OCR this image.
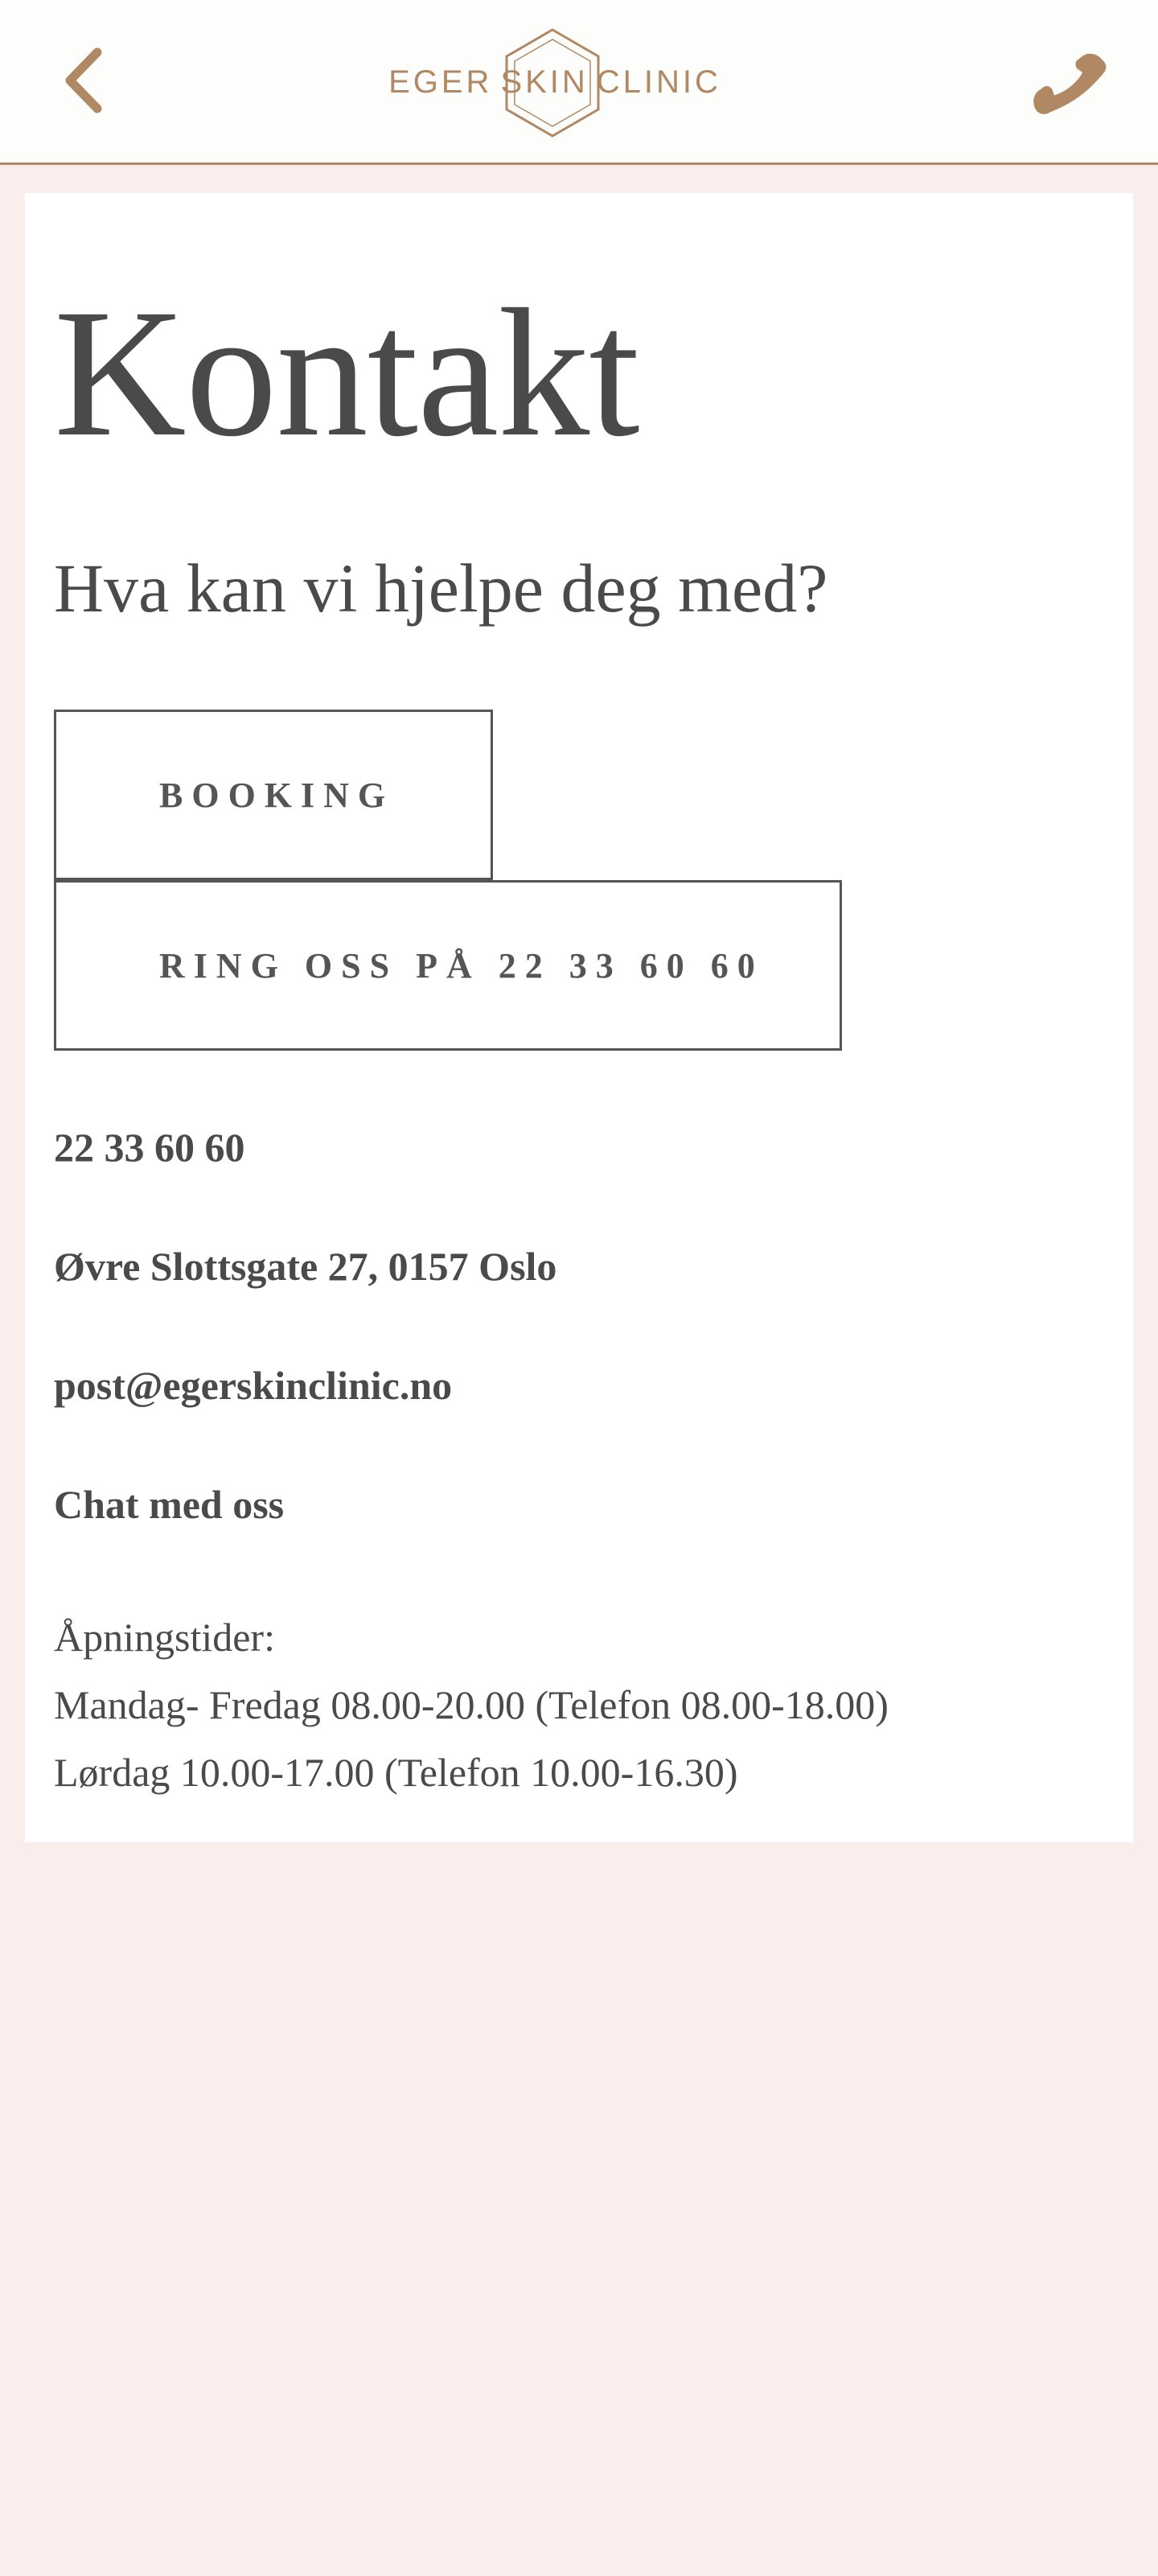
EGER SKIN CLINIC
Kontakt
Hva kan vi hjelpe deg med?
BOOKING
RING OSS PÅ 22 33 60 60

22 33 60 60

Øvre Slottsgate 27, 0157 Oslo

post@egerskinclinic.no

Chat med oss

Åpningstider:
Mandag- Fredag 08.00-20.00 (Telefon 08.00-18.00)
Lørdag 10.00-17.00 (Telefon 10.00-16.30)
